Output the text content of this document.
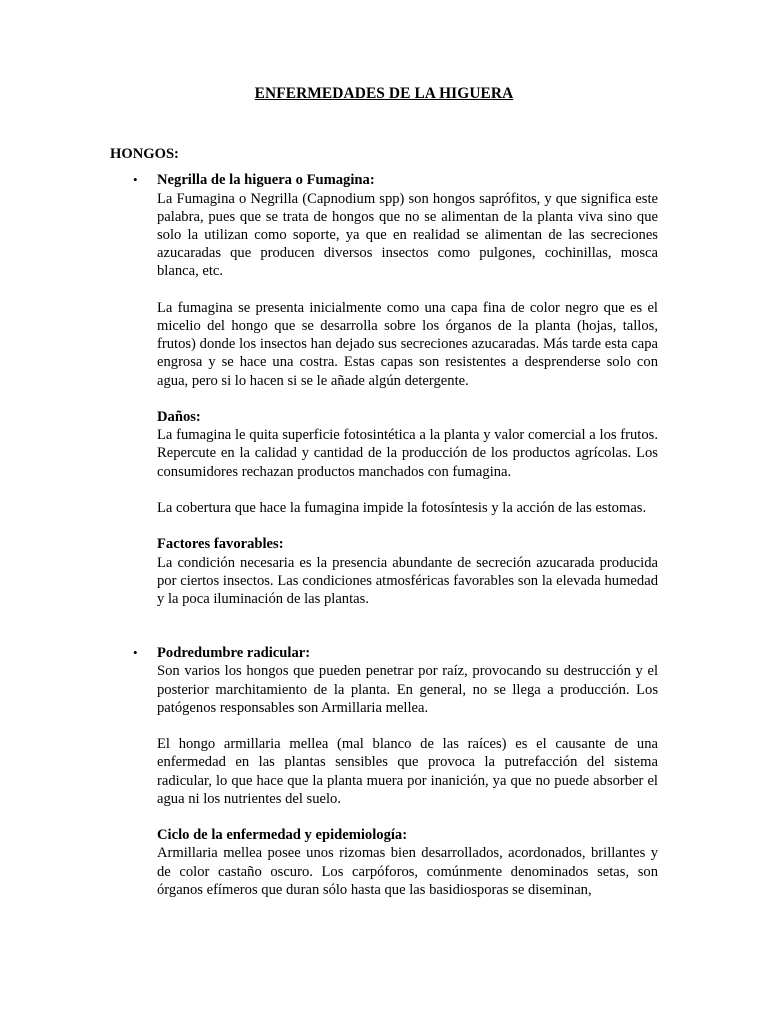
ENFERMEDADES DE LA HIGUERA
HONGOS:
• Negrilla de la higuera o Fumagina:

La Fumagina o Negrilla (Capnodium spp) son hongos saprófitos, y que significa este palabra, pues que se trata de hongos que no se alimentan de la planta viva sino que solo la utilizan como soporte, ya que en realidad se alimentan de las secreciones azucaradas que producen diversos insectos como pulgones, cochinillas, mosca blanca, etc.

La fumagina se presenta inicialmente como una capa fina de color negro que es el micelio del hongo que se desarrolla sobre los órganos de la planta (hojas, tallos, frutos) donde los insectos han dejado sus secreciones azucaradas. Más tarde esta capa engrosa y se hace una costra. Estas capas son resistentes a desprenderse solo con agua, pero si lo hacen si se le añade algún detergente.

Daños:

La fumagina le quita superficie fotosintética a la planta y valor comercial a los frutos. Repercute en la calidad y cantidad de la producción de los productos agrícolas. Los consumidores rechazan productos manchados con fumagina.

La cobertura que hace la fumagina impide la fotosíntesis y la acción de las estomas.

Factores favorables:

La condición necesaria es la presencia abundante de secreción azucarada producida por ciertos insectos. Las condiciones atmosféricas favorables son la elevada humedad y la poca iluminación de las plantas.

• Podredumbre radicular:

Son varios los hongos que pueden penetrar por raíz, provocando su destrucción y el posterior marchitamiento de la planta. En general, no se llega a producción. Los patógenos responsables son Armillaria mellea.

El hongo armillaria mellea (mal blanco de las raíces) es el causante de una enfermedad en las plantas sensibles que provoca la putrefacción del sistema radicular, lo que hace que la planta muera por inanición, ya que no puede absorber el agua ni los nutrientes del suelo.

Ciclo de la enfermedad y epidemiología:

Armillaria mellea posee unos rizomas bien desarrollados, acordonados, brillantes y de color castaño oscuro. Los carpóforos, comúnmente denominados setas, son órganos efímeros que duran sólo hasta que las basidiosporas se diseminan,
